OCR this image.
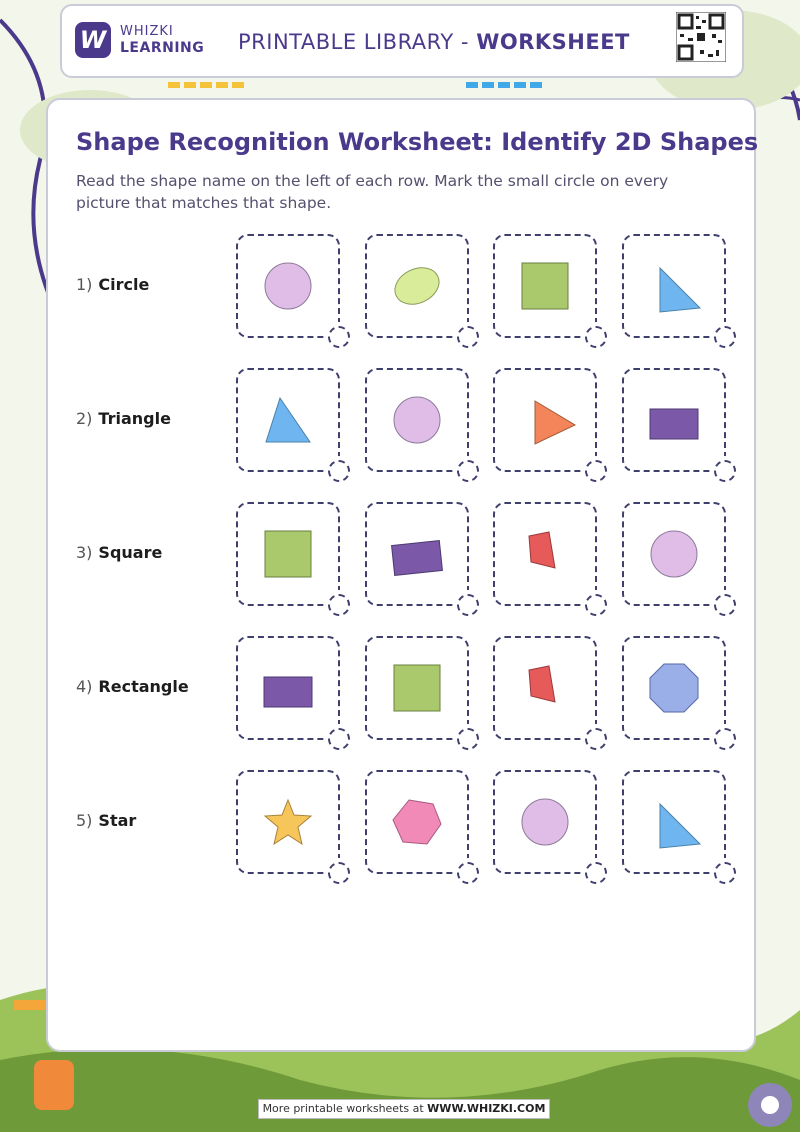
W	WHIZKI
LEARNING PRINTABLE LIBRARY - WORKSHEET
Shape Recognition Worksheet: Identify 2D Shapes
Read the shape name on the left of each row. Mark the small circle on every picture that matches that shape.
1) Circle
2) Triangle
3) Square
4) Rectangle
5) Star
More printable worksheets at WWW.WHIZKI.COM
